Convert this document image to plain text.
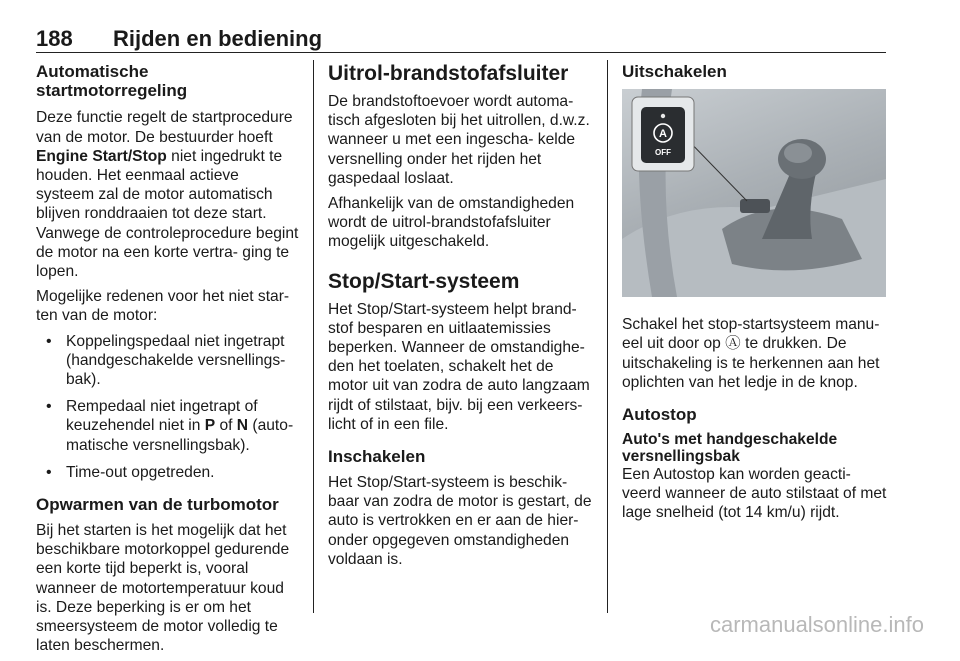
188 Rijden en bediening
Automatische startmotorregeling

Deze functie regelt de startprocedure van de motor. De bestuurder hoeft Engine Start/Stop niet ingedrukt te houden. Het eenmaal actieve systeem zal de motor automatisch blijven ronddraaien tot deze start. Vanwege de controleprocedure begint de motor na een korte vertra- ging te lopen.

Mogelijke redenen voor het niet star- ten van de motor:

• Koppelingspedaal niet ingetrapt (handgeschakelde versnellings- bak).
• Rempedaal niet ingetrapt of keuzehendel niet in P of N (auto- matische versnellingsbak).
• Time-out opgetreden.
Opwarmen van de turbomotor

Bij het starten is het mogelijk dat het beschikbare motorkoppel gedurende een korte tijd beperkt is, vooral wanneer de motortemperatuur koud is. Deze beperking is er om het smeersysteem de motor volledig te laten beschermen.

Uitrol-brandstofafsluiter

De brandstoftoevoer wordt automa- tisch afgesloten bij het uitrollen, d.w.z. wanneer u met een ingescha- kelde versnelling onder het rijden het gaspedaal loslaat.

Afhankelijk van de omstandigheden wordt de uitrol-brandstofafsluiter mogelijk uitgeschakeld.

Stop/Start-systeem

Het Stop/Start-systeem helpt brand- stof besparen en uitlaatemissies beperken. Wanneer de omstandighe- den het toelaten, schakelt het de motor uit van zodra de auto langzaam rijdt of stilstaat, bijv. bij een verkeers- licht of in een file.

Inschakelen

Het Stop/Start-systeem is beschik- baar van zodra de motor is gestart, de auto is vertrokken en er aan de hier- onder opgegeven omstandigheden voldaan is.

Uitschakelen
A
OFF

Schakel het stop-startsysteem manu- eel uit door op Ⓐ te drukken. De uitschakeling is te herkennen aan het oplichten van het ledje in de knop.

Autostop
Auto's met handgeschakelde versnellingsbak

Een Autostop kan worden geacti- veerd wanneer de auto stilstaat of met lage snelheid (tot 14 km/u) rijdt.

carmanualsonline.info
